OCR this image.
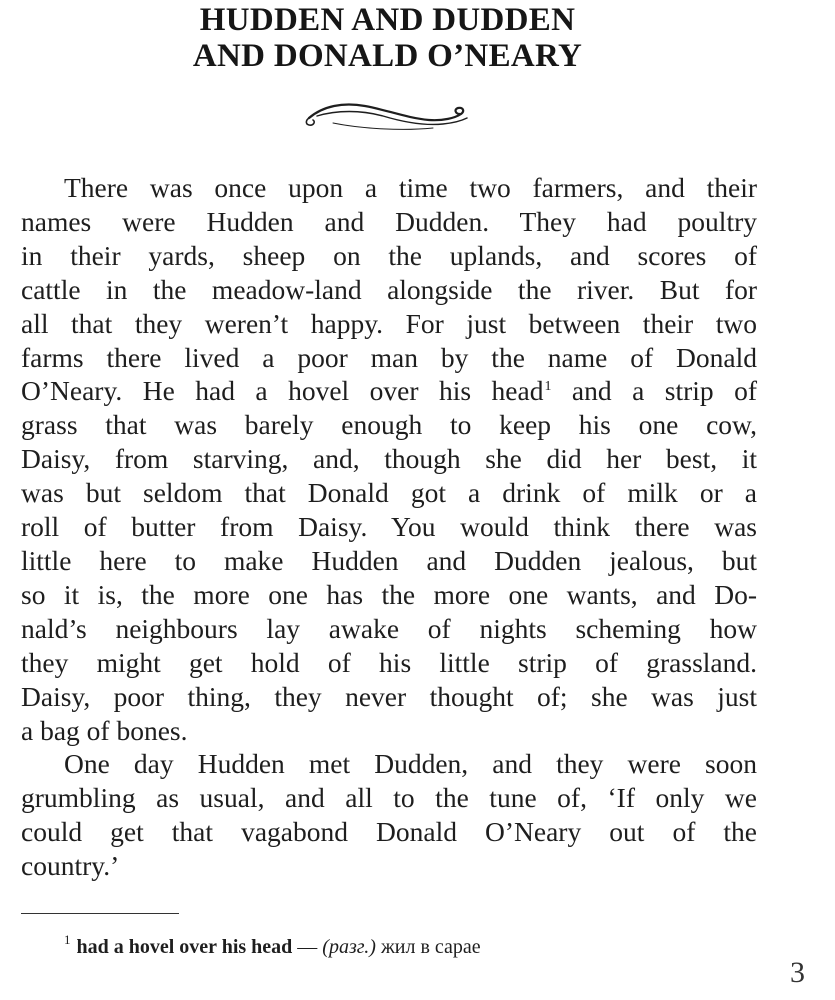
HUDDEN AND DUDDEN
AND DONALD O’NEARY
There was once upon a time two farmers, and their
names were Hudden and Dudden. They had poultry
in their yards, sheep on the uplands, and scores of
cattle in the meadow-land alongside the river. But for
all that they weren’t happy. For just between their two
farms there lived a poor man by the name of Donald
O’Neary. He had a hovel over his head$^1$ and a strip of
grass that was barely enough to keep his one cow,
Daisy, from starving, and, though she did her best, it
was but seldom that Donald got a drink of milk or a
roll of butter from Daisy. You would think there was
little here to make Hudden and Dudden jealous, but
so it is, the more one has the more one wants, and Do-
nald’s neighbours lay awake of nights scheming how
they might get hold of his little strip of grassland.
Daisy, poor thing, they never thought of; she was just
a bag of bones.
One day Hudden met Dudden, and they were soon
grumbling as usual, and all to the tune of, ‘If only we
could get that vagabond Donald O’Neary out of the
country.’
$^1$ had a hovel over his head — (разг.) жил в сарае
3
